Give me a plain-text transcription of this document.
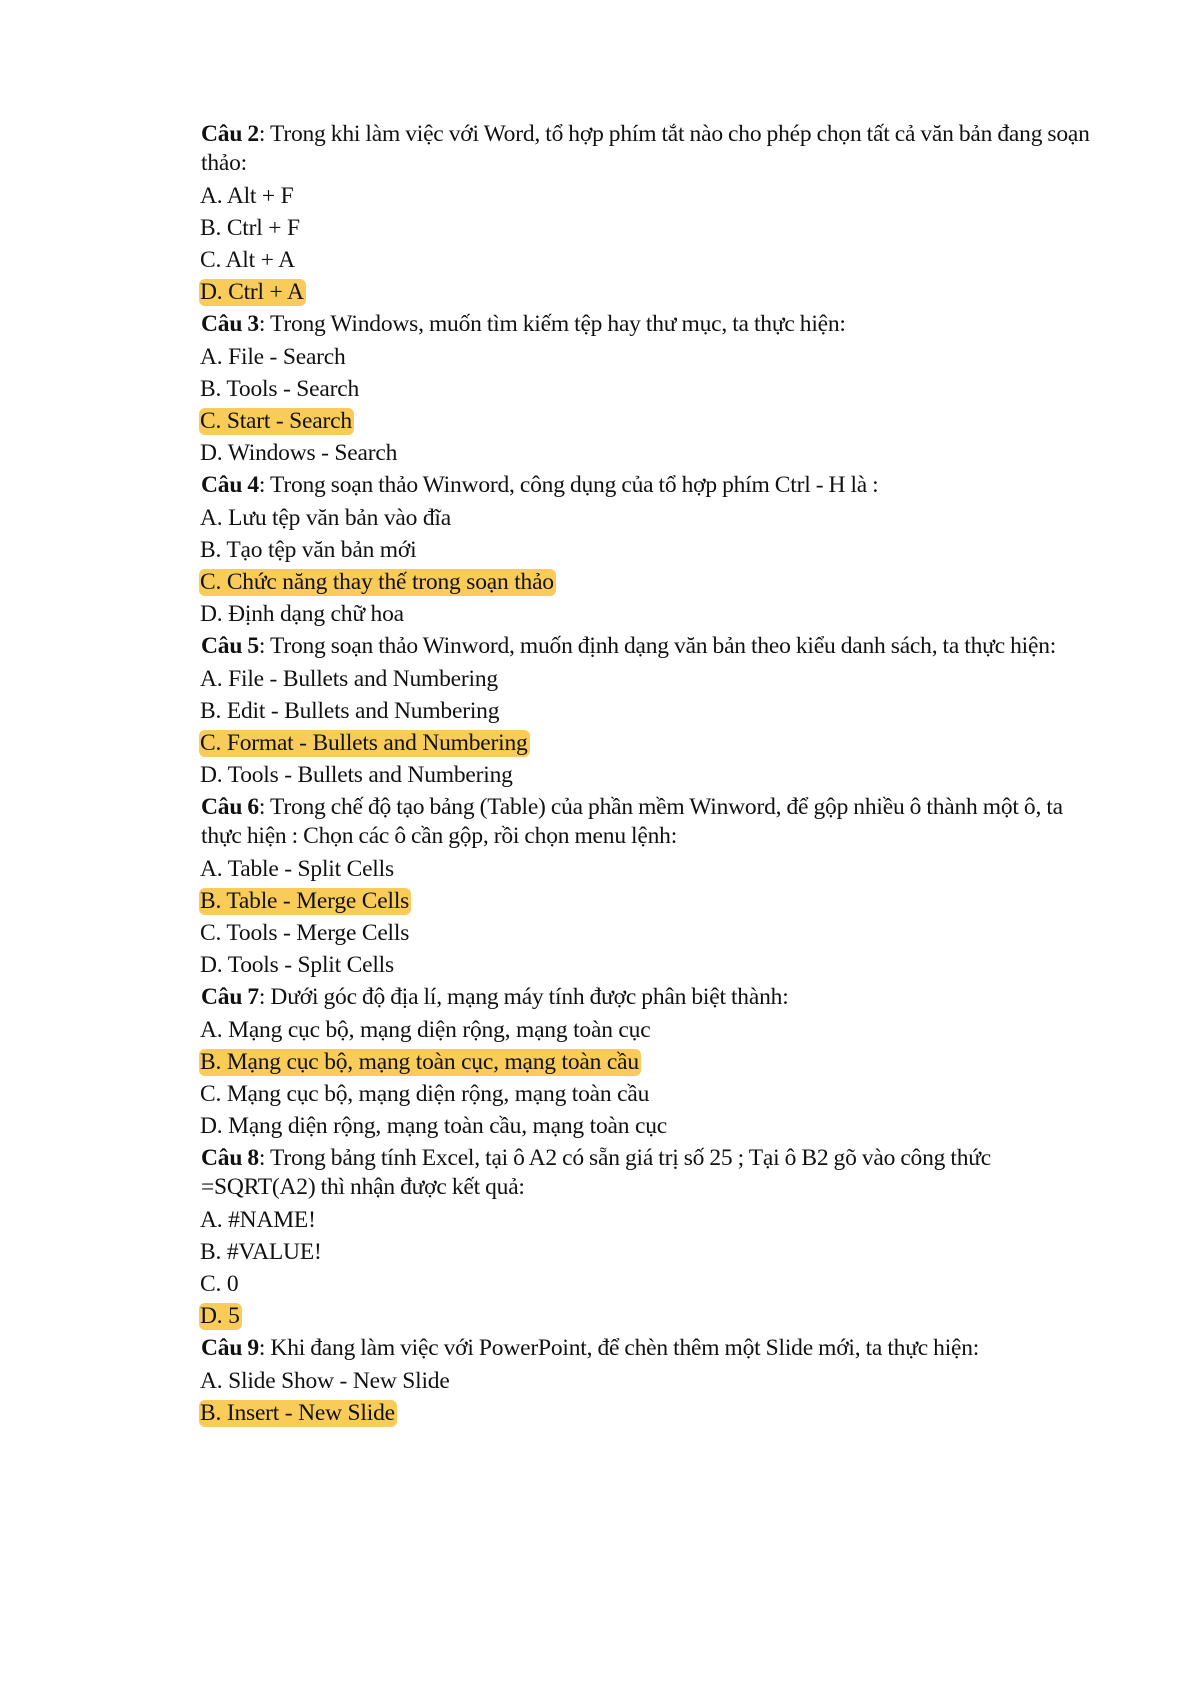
Câu 2: Trong khi làm việc với Word, tổ hợp phím tắt nào cho phép chọn tất cả văn bản đang soạn thảo:
A. Alt + F
B. Ctrl + F
C. Alt + A
D. Ctrl + A
Câu 3: Trong Windows, muốn tìm kiếm tệp hay thư mục, ta thực hiện:
A. File - Search
B. Tools - Search
C. Start - Search
D. Windows - Search
Câu 4: Trong soạn thảo Winword, công dụng của tổ hợp phím Ctrl - H là :
A. Lưu tệp văn bản vào đĩa
B. Tạo tệp văn bản mới
C. Chức năng thay thế trong soạn thảo
D. Định dạng chữ hoa
Câu 5: Trong soạn thảo Winword, muốn định dạng văn bản theo kiểu danh sách, ta thực hiện:
A. File - Bullets and Numbering
B. Edit - Bullets and Numbering
C. Format - Bullets and Numbering
D. Tools - Bullets and Numbering
Câu 6: Trong chế độ tạo bảng (Table) của phần mềm Winword, để gộp nhiều ô thành một ô, ta thực hiện : Chọn các ô cần gộp, rồi chọn menu lệnh:
A. Table - Split Cells
B. Table - Merge Cells
C. Tools - Merge Cells
D. Tools - Split Cells
Câu 7: Dưới góc độ địa lí, mạng máy tính được phân biệt thành:
A. Mạng cục bộ, mạng diện rộng, mạng toàn cục
B. Mạng cục bộ, mạng toàn cục, mạng toàn cầu
C. Mạng cục bộ, mạng diện rộng, mạng toàn cầu
D. Mạng diện rộng, mạng toàn cầu, mạng toàn cục
Câu 8: Trong bảng tính Excel, tại ô A2 có sẵn giá trị số 25 ; Tại ô B2 gõ vào công thức =SQRT(A2) thì nhận được kết quả:
A. #NAME!
B. #VALUE!
C. 0
D. 5
Câu 9: Khi đang làm việc với PowerPoint, để chèn thêm một Slide mới, ta thực hiện:
A. Slide Show - New Slide
B. Insert - New Slide
